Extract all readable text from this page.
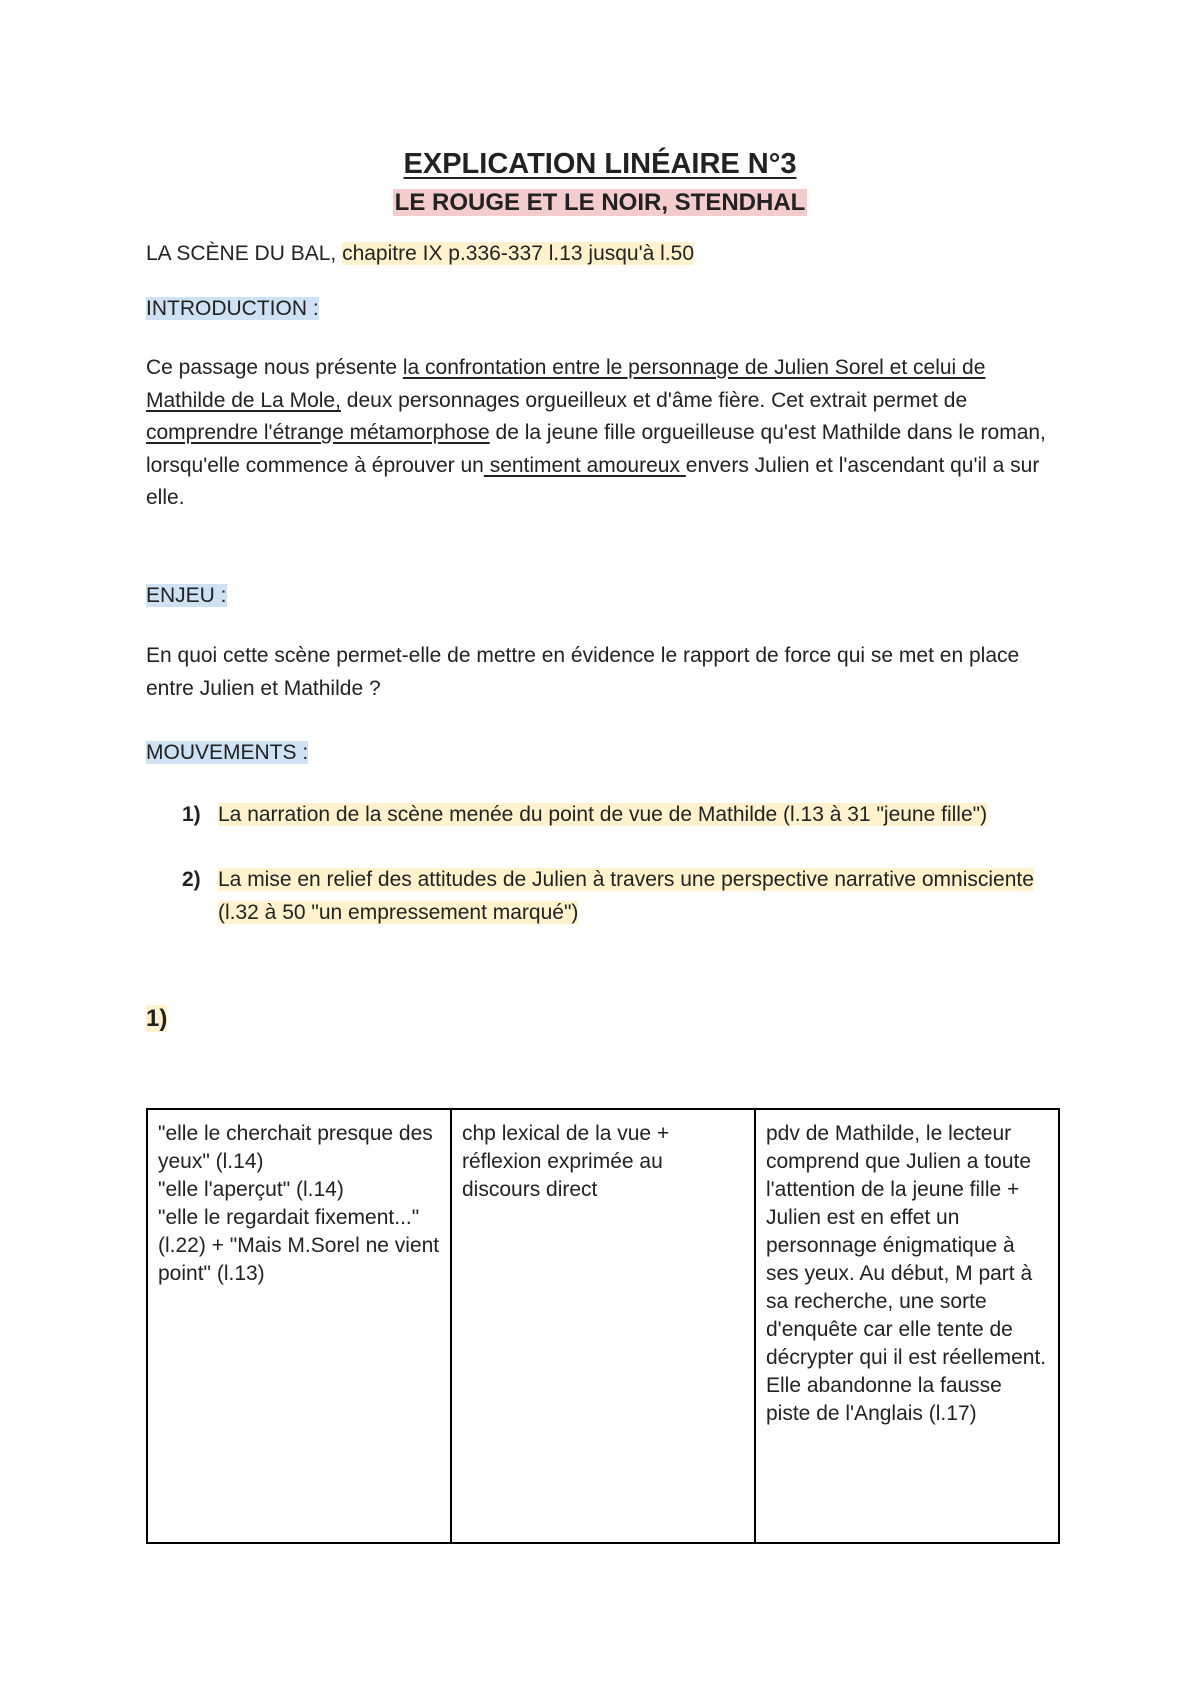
EXPLICATION LINÉAIRE N°3
LE ROUGE ET LE NOIR, STENDHAL
LA SCÈNE DU BAL, chapitre IX p.336-337 l.13 jusqu'à l.50
INTRODUCTION :
Ce passage nous présente la confrontation entre le personnage de Julien Sorel et celui de Mathilde de La Mole, deux personnages orgueilleux et d'âme fière. Cet extrait permet de comprendre l'étrange métamorphose de la jeune fille orgueilleuse qu'est Mathilde dans le roman, lorsqu'elle commence à éprouver un sentiment amoureux envers Julien et l'ascendant qu'il a sur elle.
ENJEU :
En quoi cette scène permet-elle de mettre en évidence le rapport de force qui se met en place entre Julien et Mathilde ?
MOUVEMENTS :
1) La narration de la scène menée du point de vue de Mathilde (l.13 à 31 "jeune fille")
2) La mise en relief des attitudes de Julien à travers une perspective narrative omnisciente (l.32 à 50 "un empressement marqué")
1)
"elle le cherchait presque des yeux" (l.14)
"elle l'aperçut" (l.14)
"elle le regardait fixement..." (l.22) + "Mais M.Sorel ne vient point" (l.13)	chp lexical de la vue + réflexion exprimée au discours direct	pdv de Mathilde, le lecteur comprend que Julien a toute l'attention de la jeune fille + Julien est en effet un personnage énigmatique à ses yeux. Au début, M part à sa recherche, une sorte d'enquête car elle tente de décrypter qui il est réellement. Elle abandonne la fausse piste de l'Anglais (l.17)
